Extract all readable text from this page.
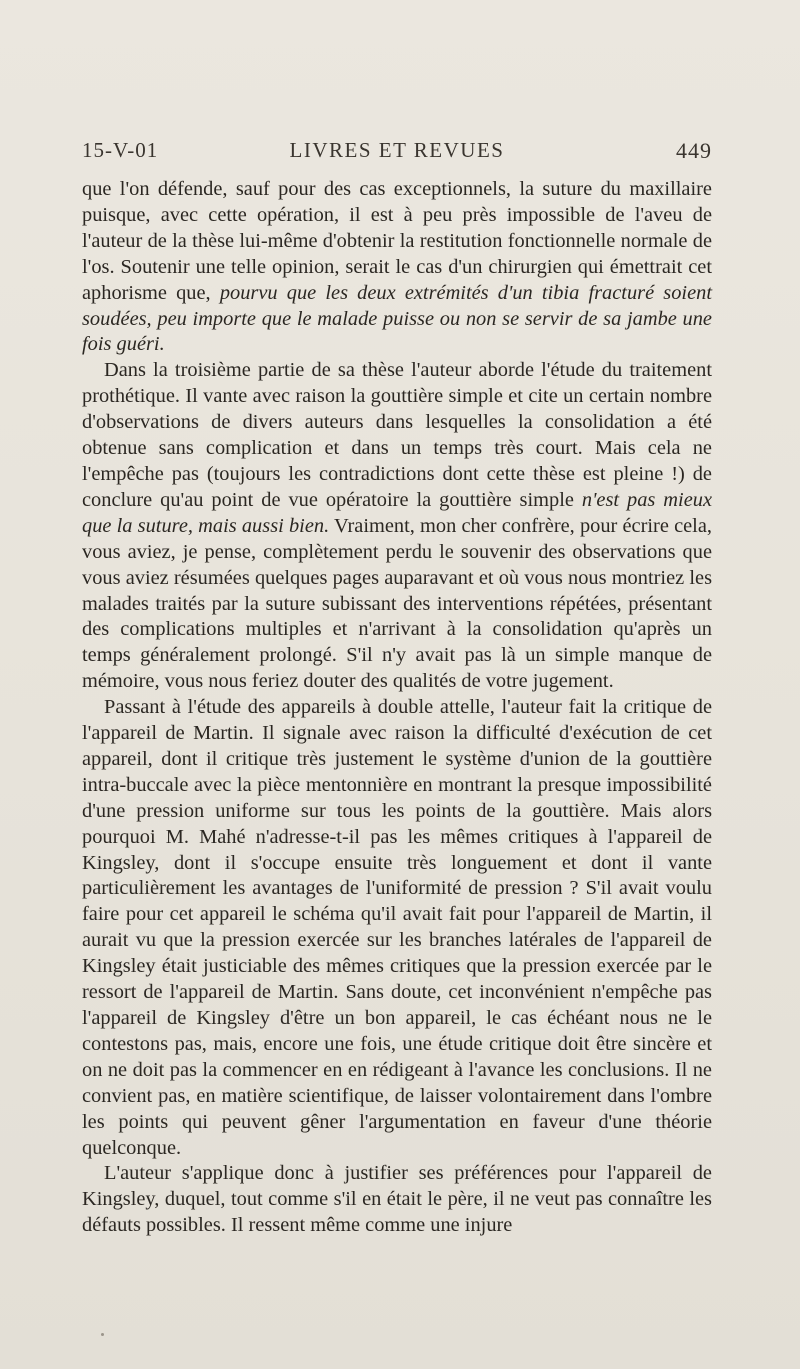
15-V-01	LIVRES ET REVUES	449

que l'on défende, sauf pour des cas exceptionnels, la suture du maxillaire puisque, avec cette opération, il est à peu près impossible de l'aveu de l'auteur de la thèse lui-même d'obtenir la restitution fonctionnelle normale de l'os. Soutenir une telle opinion, serait le cas d'un chirurgien qui émettrait cet aphorisme que, pourvu que les deux extrémités d'un tibia fracturé soient soudées, peu importe que le malade puisse ou non se servir de sa jambe une fois guéri.

Dans la troisième partie de sa thèse l'auteur aborde l'étude du traitement prothétique. Il vante avec raison la gouttière simple et cite un certain nombre d'observations de divers auteurs dans lesquelles la consolidation a été obtenue sans complication et dans un temps très court. Mais cela ne l'empêche pas (toujours les contradictions dont cette thèse est pleine !) de conclure qu'au point de vue opératoire la gouttière simple n'est pas mieux que la suture, mais aussi bien. Vraiment, mon cher confrère, pour écrire cela, vous aviez, je pense, complètement perdu le souvenir des observations que vous aviez résumées quelques pages auparavant et où vous nous montriez les malades traités par la suture subissant des interventions répétées, présentant des complications multiples et n'arrivant à la consolidation qu'après un temps généralement prolongé. S'il n'y avait pas là un simple manque de mémoire, vous nous feriez douter des qualités de votre jugement.

Passant à l'étude des appareils à double attelle, l'auteur fait la critique de l'appareil de Martin. Il signale avec raison la difficulté d'exécution de cet appareil, dont il critique très justement le système d'union de la gouttière intra-buccale avec la pièce mentonnière en montrant la presque impossibilité d'une pression uniforme sur tous les points de la gouttière. Mais alors pourquoi M. Mahé n'adresse-t-il pas les mêmes critiques à l'appareil de Kingsley, dont il s'occupe ensuite très longuement et dont il vante particulièrement les avantages de l'uniformité de pression ? S'il avait voulu faire pour cet appareil le schéma qu'il avait fait pour l'appareil de Martin, il aurait vu que la pression exercée sur les branches latérales de l'appareil de Kingsley était justiciable des mêmes critiques que la pression exercée par le ressort de l'appareil de Martin. Sans doute, cet inconvénient n'empêche pas l'appareil de Kingsley d'être un bon appareil, le cas échéant nous ne le contestons pas, mais, encore une fois, une étude critique doit être sincère et on ne doit pas la commencer en en rédigeant à l'avance les conclusions. Il ne convient pas, en matière scientifique, de laisser volontairement dans l'ombre les points qui peuvent gêner l'argumentation en faveur d'une théorie quelconque.

L'auteur s'applique donc à justifier ses préférences pour l'appareil de Kingsley, duquel, tout comme s'il en était le père, il ne veut pas connaître les défauts possibles. Il ressent même comme une injure
